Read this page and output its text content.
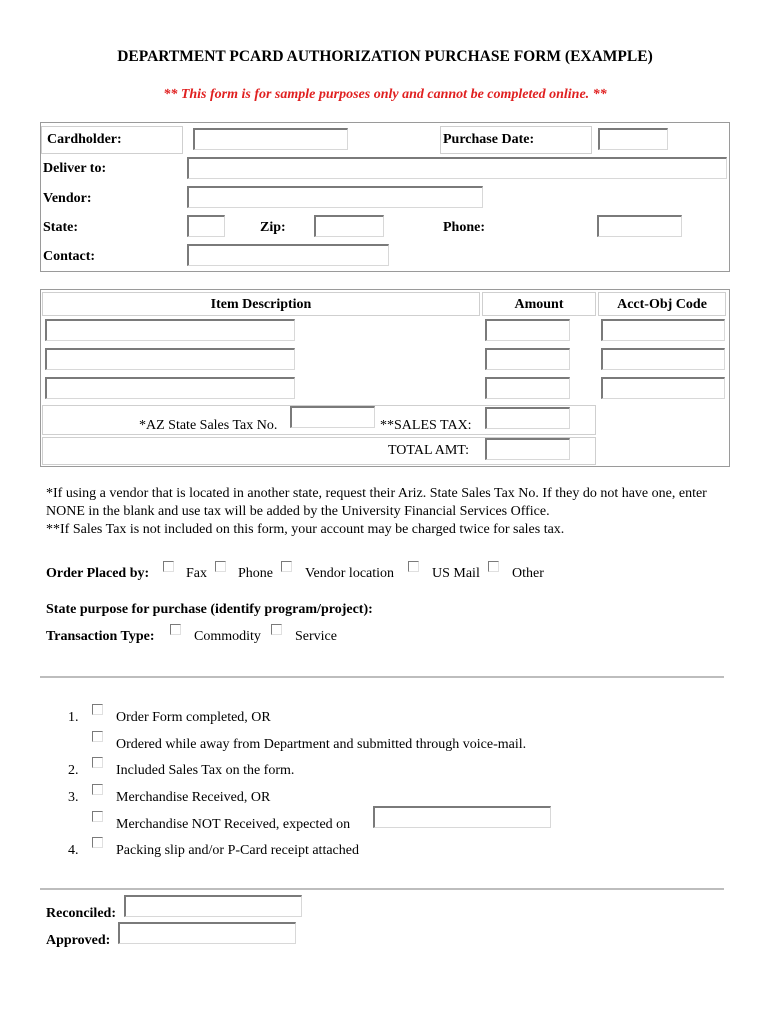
DEPARTMENT PCARD AUTHORIZATION PURCHASE FORM (EXAMPLE)
** This form is for sample purposes only and cannot be completed online. **
Cardholder:	Purchase Date:
Deliver to:
Vendor:
State:	Zip:	Phone:
Contact:
Item Description	Amount	Acct-Obj Code
*AZ State Sales Tax No.	**SALES TAX:
TOTAL AMT:
*If using a vendor that is located in another state, request their Ariz. State Sales Tax No. If they do not have one, enter NONE in the blank and use tax will be added by the University Financial Services Office.
**If Sales Tax is not included on this form, your account may be charged twice for sales tax.
Order Placed by:	Fax Phone Vendor location	US Mail Other
State purpose for purchase (identify program/project):
Transaction Type:	Commodity Service
1.	Order Form completed, OR
Ordered while away from Department and submitted through voice-mail.
2.	Included Sales Tax on the form.
3.	Merchandise Received, OR
Merchandise NOT Received, expected on
4.	Packing slip and/or P-Card receipt attached
Reconciled:
Approved:
